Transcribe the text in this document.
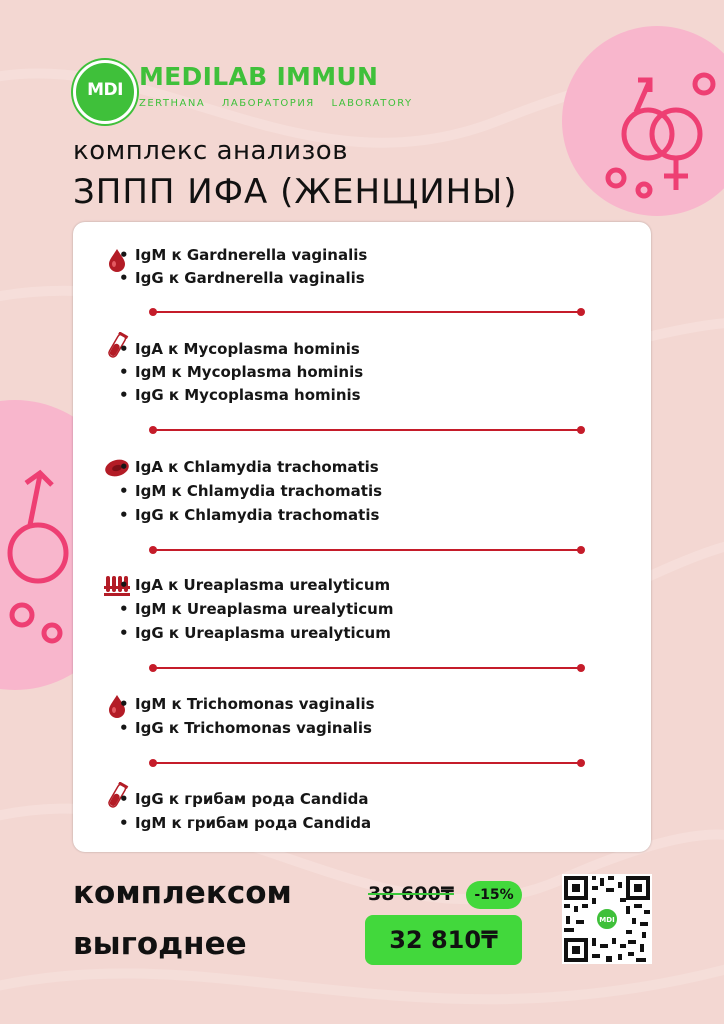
MDI MEDILAB IMMUN
ZERTHANA ЛАБОРАТОРИЯ LABORATORY
комплекс анализов
ЗППП ИФА (ЖЕНЩИНЫ)
• IgM к Gardnerella vaginalis
• IgG к Gardnerella vaginalis
• IgA к Mycoplasma hominis
• IgM к Mycoplasma hominis
• IgG к Mycoplasma hominis
• IgA к Chlamydia trachomatis
• IgM к Chlamydia trachomatis
• IgG к Chlamydia trachomatis
• IgA к Ureaplasma urealyticum
• IgM к Ureaplasma urealyticum
• IgG к Ureaplasma urealyticum
• IgM к Trichomonas vaginalis
• IgG к Trichomonas vaginalis
• IgG к грибам рода Candida
• IgM к грибам рода Candida
комплексом
выгоднее
38 600₸	-15%
32 810₸
MDI
